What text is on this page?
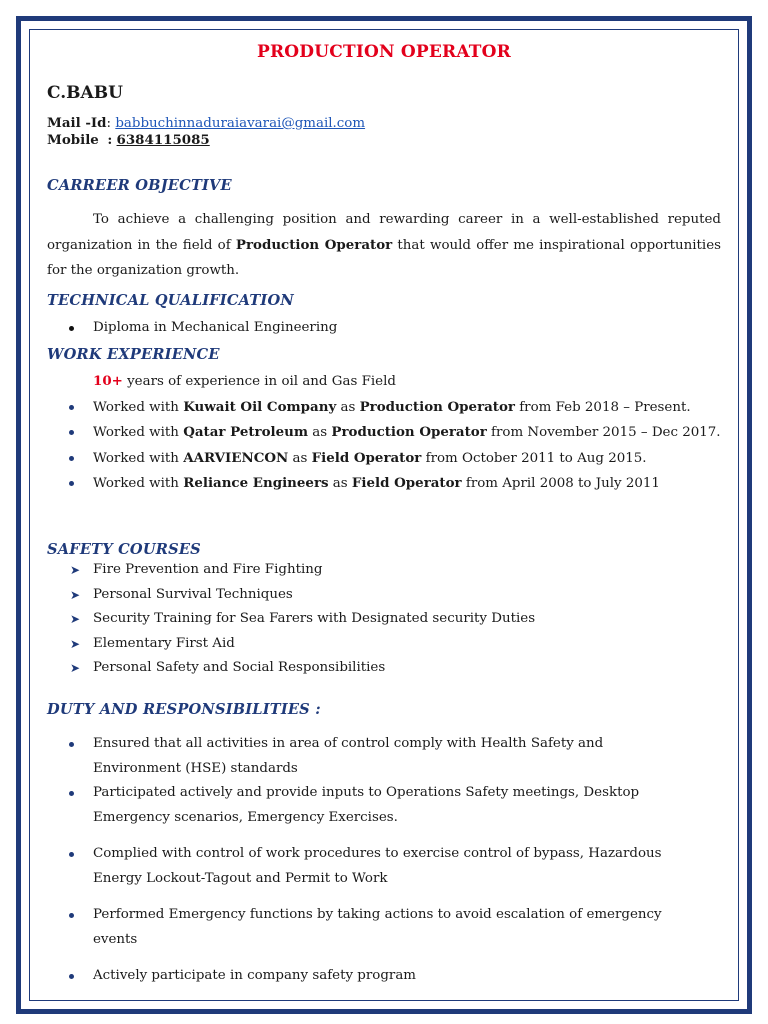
PRODUCTION OPERATOR
C.BABU
Mail -Id: babbuchinnaduraiavarai@gmail.com
Mobile : 6384115085
CARREER OBJECTIVE
To achieve a challenging position and rewarding career in a well-established reputed organization in the field of Production Operator that would offer me inspirational opportunities for the organization growth.
TECHNICAL QUALIFICATION
Diploma in Mechanical Engineering
WORK EXPERIENCE
10+ years of experience in oil and Gas Field
Worked with Kuwait Oil Company as Production Operator from Feb 2018 – Present.
Worked with Qatar Petroleum as Production Operator from November 2015 – Dec 2017.
Worked with AARVIENCON as Field Operator from October 2011 to Aug 2015.
Worked with Reliance Engineers as Field Operator from April 2008 to July 2011
SAFETY COURSES
➤ Fire Prevention and Fire Fighting
➤ Personal Survival Techniques
➤ Security Training for Sea Farers with Designated security Duties
➤ Elementary First Aid
➤ Personal Safety and Social Responsibilities
DUTY AND RESPONSIBILITIES :
Ensured that all activities in area of control comply with Health Safety and Environment (HSE) standards
Participated actively and provide inputs to Operations Safety meetings, Desktop Emergency scenarios, Emergency Exercises.
Complied with control of work procedures to exercise control of bypass, Hazardous Energy Lockout-Tagout and Permit to Work
Performed Emergency functions by taking actions to avoid escalation of emergency events
Actively participate in company safety program
